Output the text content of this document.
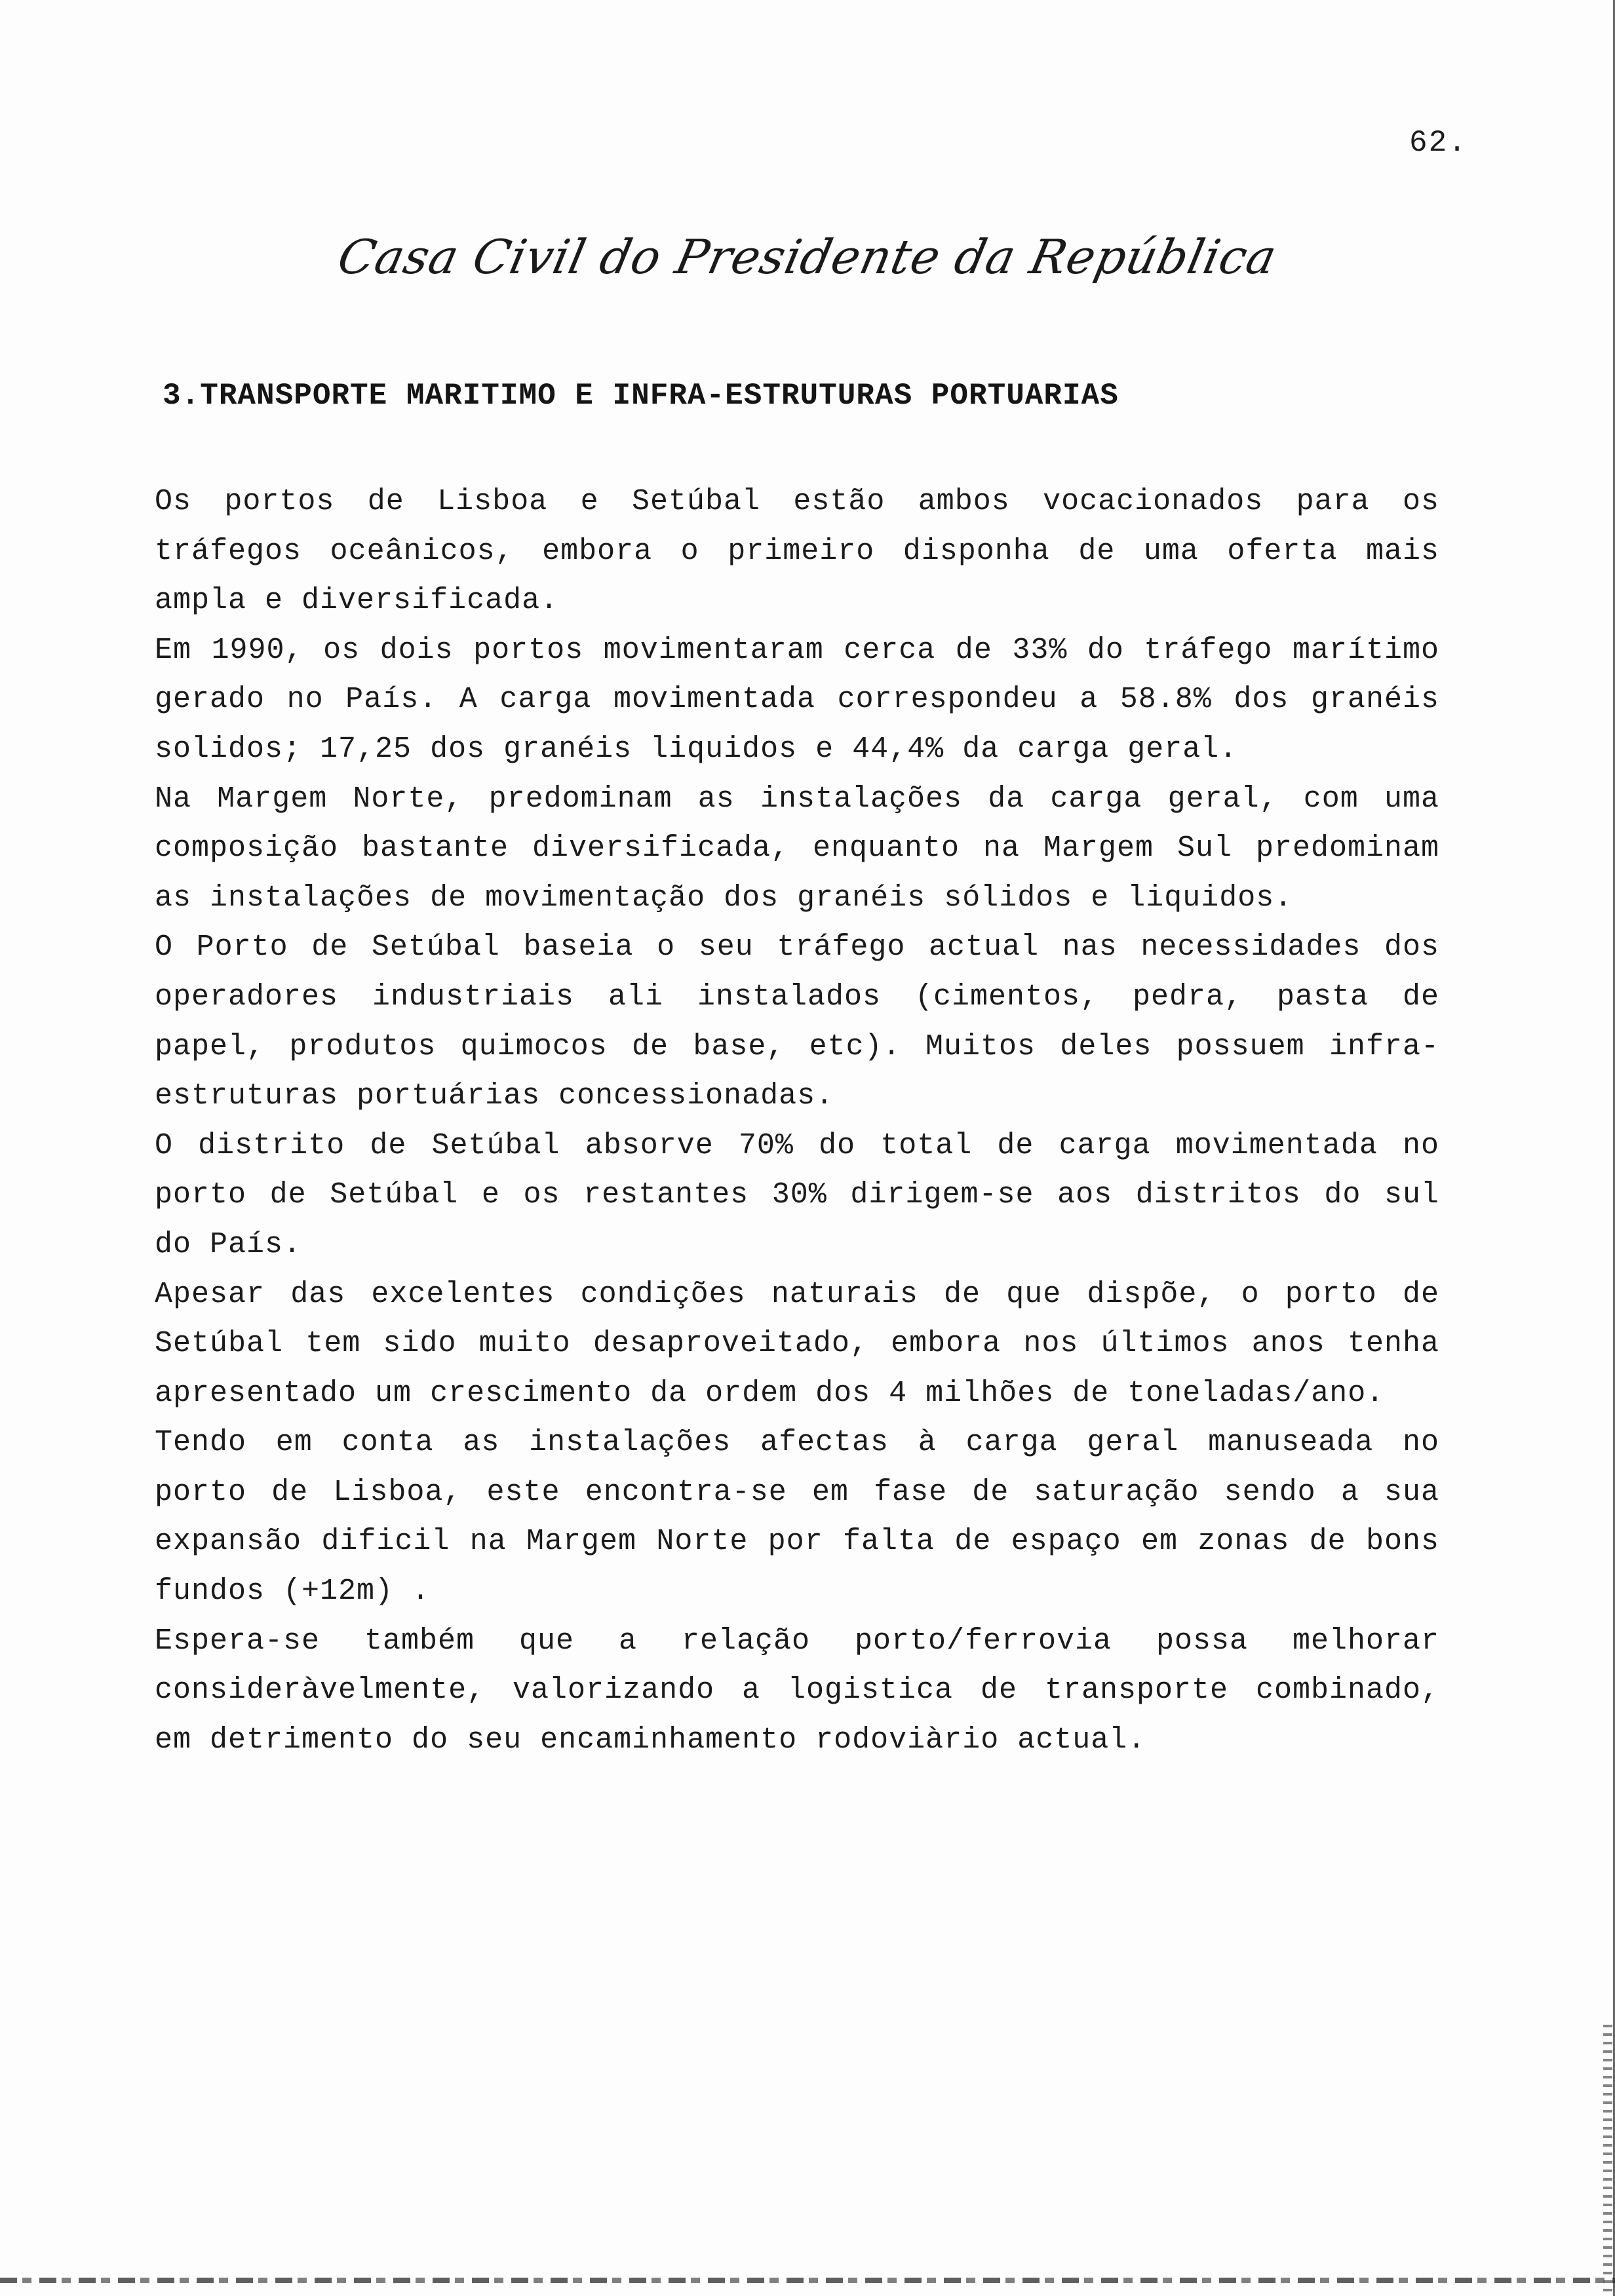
62.
Casa Civil do Presidente da República
3.TRANSPORTE MARITIMO E INFRA-ESTRUTURAS PORTUARIAS

Os portos de Lisboa e Setúbal estão ambos vocacionados para os tráfegos oceânicos, embora o primeiro disponha de uma oferta mais ampla e diversificada.

Em 1990, os dois portos movimentaram cerca de 33% do tráfego marítimo gerado no País. A carga movimentada correspondeu a 58.8% dos granéis solidos; 17,25 dos granéis liquidos e 44,4% da carga geral.

Na Margem Norte, predominam as instalações da carga geral, com uma composição bastante diversificada, enquanto na Margem Sul predominam as instalações de movimentação dos granéis sólidos e liquidos.

O Porto de Setúbal baseia o seu tráfego actual nas necessidades dos operadores industriais ali instalados (cimentos, pedra, pasta de papel, produtos quimocos de base, etc). Muitos deles possuem infra-estruturas portuárias concessionadas.

O distrito de Setúbal absorve 70% do total de carga movimentada no porto de Setúbal e os restantes 30% dirigem-se aos distritos do sul do País.

Apesar das excelentes condições naturais de que dispõe, o porto de Setúbal tem sido muito desaproveitado, embora nos últimos anos tenha apresentado um crescimento da ordem dos 4 milhões de toneladas/ano.

Tendo em conta as instalações afectas à carga geral manuseada no porto de Lisboa, este encontra-se em fase de saturação sendo a sua expansão dificil na Margem Norte por falta de espaço em zonas de bons fundos (+12m) .

Espera-se também que a relação porto/ferrovia possa melhorar consideràvelmente, valorizando a logistica de transporte combinado, em detrimento do seu encaminhamento rodoviàrio actual.
